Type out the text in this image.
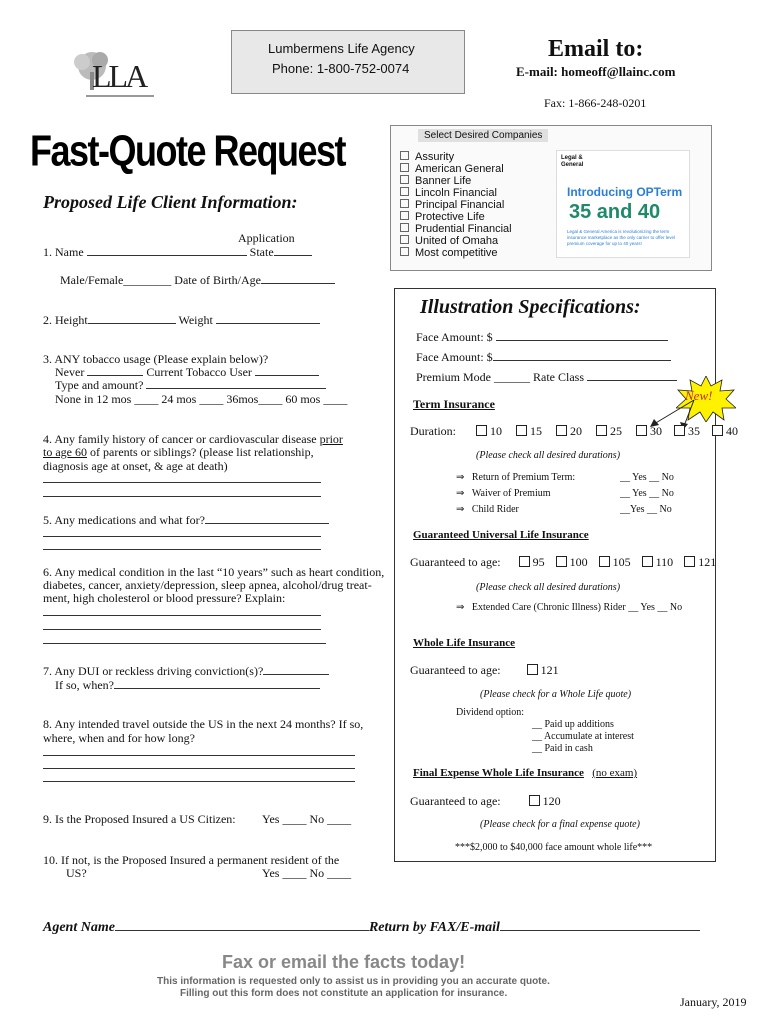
Lumbermens Life Agency
Phone: 1-800-752-0074
LLA
Email to:
E-mail: homeoff@llainc.com
Fax: 1-866-248-0201
Fast-Quote Request	Select Desired Companies
Assurity
American General
Banner Life
Lincoln Financial
Principal Financial
Protective Life
Prudential Financial
United of Omaha
Most competitive
Legal & General
Introducing OPTerm
35 and 40
Legal & General America is revolutionizing the term insurance marketplace as the only carrier to offer level premium coverage for up to 40 years!
Proposed Life Client Information:
Application
1. Name	State
Male/Female________ Date of Birth/Age
2. Height	Weight
3. ANY tobacco usage (Please explain below)?
Never	Current Tobacco User
Type and amount?
None in 12 mos ____ 24 mos ____ 36mos____ 60 mos ____
4. Any family history of cancer or cardiovascular disease prior
to age 60 of parents or siblings? (please list relationship,
diagnosis age at onset, & age at death)
5. Any medications and what for?
6. Any medical condition in the last “10 years” such as heart condition,
diabetes, cancer, anxiety/depression, sleep apnea, alcohol/drug treat-
ment, high cholesterol or blood pressure? Explain:
7. Any DUI or reckless driving conviction(s)?
If so, when?
8. Any intended travel outside the US in the next 24 months? If so,
where, when and for how long?
9. Is the Proposed Insured a US Citizen: Yes ____ No ____
10. If not, is the Proposed Insured a permanent resident of the
US?	Yes ____ No ____
Illustration Specifications:
Face Amount: $
Face Amount: $
Premium Mode ______ Rate Class
New!
Term Insurance
Duration:	10 15 20 25 30 35 40
(Please check all desired durations)
⇒ Return of Premium Term:	__ Yes __ No
⇒ Waiver of Premium	__ Yes __ No
⇒ Child Rider	__Yes __ No
Guaranteed Universal Life Insurance
Guaranteed to age:	95 100 105 110 121
(Please check all desired durations)
⇒ Extended Care (Chronic Illness) Rider __ Yes __ No
Whole Life Insurance
Guaranteed to age:	121
(Please check for a Whole Life quote)
Dividend option:
__ Paid up additions
__ Accumulate at interest
__ Paid in cash
Final Expense Whole Life Insurance (no exam)
Guaranteed to age:	120
(Please check for a final expense quote)
***$2,000 to $40,000 face amount whole life***
Agent Name	Return by FAX/E-mail
Fax or email the facts today!
This information is requested only to assist us in providing you an accurate quote.
Filling out this form does not constitute an application for insurance.
January, 2019
